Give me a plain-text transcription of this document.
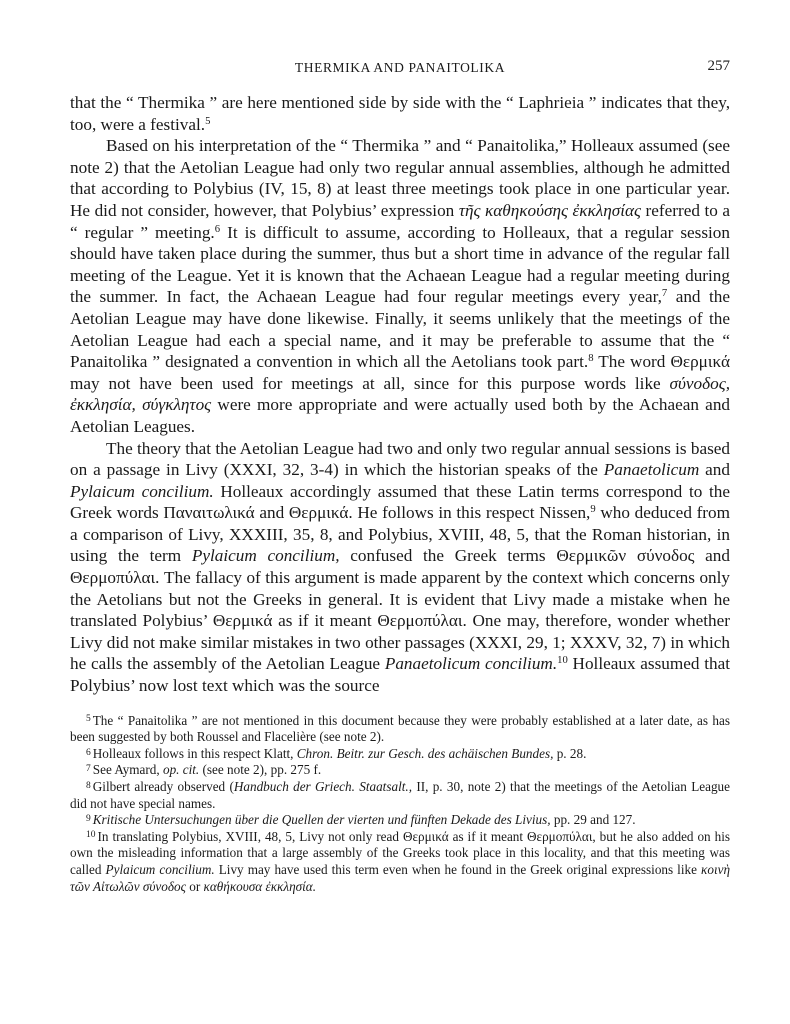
THERMIKA AND PANAITOLIKA	257

that the “ Thermika ” are here mentioned side by side with the “ Laphrieia ” indicates that they, too, were a festival.$^5$

Based on his interpretation of the “ Thermika ” and “ Panaitolika,” Holleaux assumed (see note 2) that the Aetolian League had only two regular annual assemblies, although he admitted that according to Polybius (IV, 15, 8) at least three meetings took place in one particular year. He did not consider, however, that Polybius’ expression τῆς καθηκούσης ἐκκλησίας referred to a “ regular ” meeting.$^6$ It is difficult to assume, according to Holleaux, that a regular session should have taken place during the summer, thus but a short time in advance of the regular fall meeting of the League. Yet it is known that the Achaean League had a regular meeting during the summer. In fact, the Achaean League had four regular meetings every year,$^7$ and the Aetolian League may have done likewise. Finally, it seems unlikely that the meetings of the Aetolian League had each a special name, and it may be preferable to assume that the “ Panaitolika ” designated a convention in which all the Aetolians took part.$^8$ The word Θερμικά may not have been used for meetings at all, since for this purpose words like σύνοδος, ἐκκλησία, σύγκλητος were more appropriate and were actually used both by the Achaean and Aetolian Leagues.

The theory that the Aetolian League had two and only two regular annual sessions is based on a passage in Livy (XXXI, 32, 3-4) in which the historian speaks of the Panaetolicum and Pylaicum concilium. Holleaux accordingly assumed that these Latin terms correspond to the Greek words Παναιτωλικά and Θερμικά. He follows in this respect Nissen,$^9$ who deduced from a comparison of Livy, XXXIII, 35, 8, and Polybius, XVIII, 48, 5, that the Roman historian, in using the term Pylaicum concilium, confused the Greek terms Θερμικῶν σύνοδος and Θερμοπύλαι. The fallacy of this argument is made apparent by the context which concerns only the Aetolians but not the Greeks in general. It is evident that Livy made a mistake when he translated Polybius’ Θερμικά as if it meant Θερμοπύλαι. One may, therefore, wonder whether Livy did not make similar mistakes in two other passages (XXXI, 29, 1; XXXV, 32, 7) in which he calls the assembly of the Aetolian League Panaetolicum concilium.$^{10}$ Holleaux assumed that Polybius’ now lost text which was the source

$^5$ The “ Panaitolika ” are not mentioned in this document because they were probably established at a later date, as has been suggested by both Roussel and Flacelière (see note 2).

$^6$ Holleaux follows in this respect Klatt, Chron. Beitr. zur Gesch. des achäischen Bundes, p. 28.

$^7$ See Aymard, op. cit. (see note 2), pp. 275 f.

$^8$ Gilbert already observed (Handbuch der Griech. Staatsalt., II, p. 30, note 2) that the meetings of the Aetolian League did not have special names.

$^9$ Kritische Untersuchungen über die Quellen der vierten und fünften Dekade des Livius, pp. 29 and 127.

$^{10}$ In translating Polybius, XVIII, 48, 5, Livy not only read Θερμικά as if it meant Θερμοπύλαι, but he also added on his own the misleading information that a large assembly of the Greeks took place in this locality, and that this meeting was called Pylaicum concilium. Livy may have used this term even when he found in the Greek original expressions like κοινὴ τῶν Αἰτωλῶν σύνοδος or καθήκουσα ἐκκλησία.
